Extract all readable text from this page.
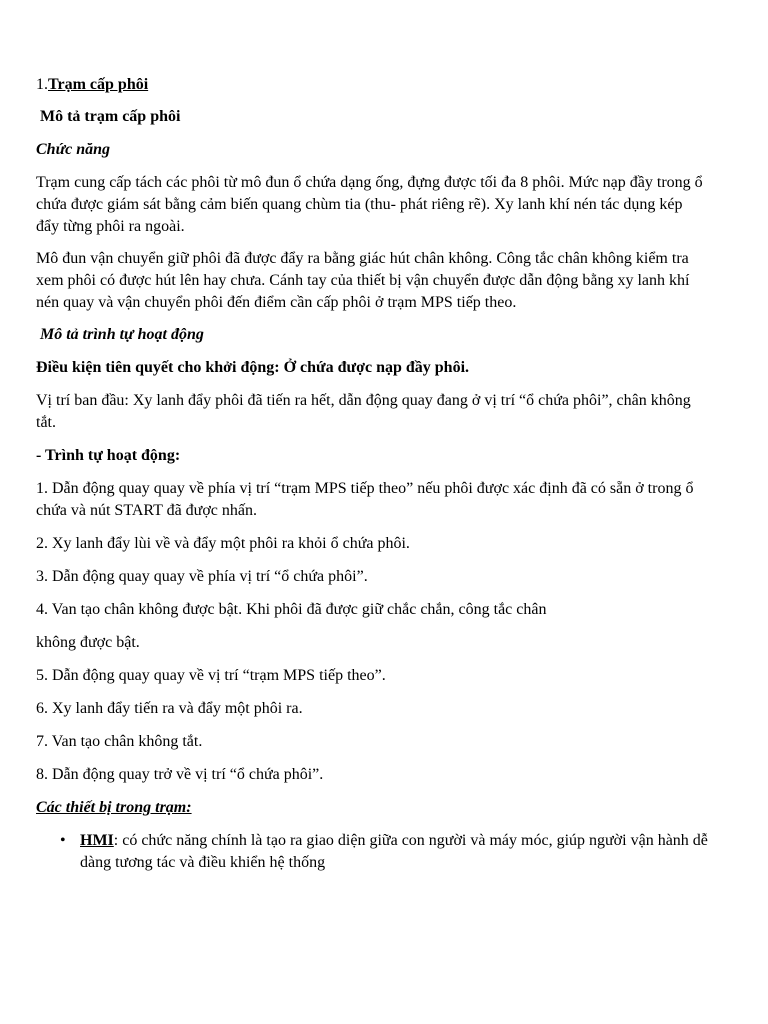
1.Trạm cấp phôi

Mô tả trạm cấp phôi

Chức năng

Trạm cung cấp tách các phôi từ mô đun ổ chứa dạng ống, đựng được tối đa 8 phôi. Mức nạp đầy trong ổ chứa được giám sát bằng cảm biến quang chùm tia (thu- phát riêng rẽ). Xy lanh khí nén tác dụng kép đẩy từng phôi ra ngoài.

Mô đun vận chuyển giữ phôi đã được đẩy ra bằng giác hút chân không. Công tắc chân không kiểm tra xem phôi có được hút lên hay chưa. Cánh tay của thiết bị vận chuyển được dẫn động bằng xy lanh khí nén quay và vận chuyển phôi đến điểm cần cấp phôi ở trạm MPS tiếp theo.

Mô tả trình tự hoạt động

Điều kiện tiên quyết cho khởi động: Ở chứa được nạp đầy phôi.

Vị trí ban đầu: Xy lanh đẩy phôi đã tiến ra hết, dẫn động quay đang ở vị trí “ổ chứa phôi”, chân không tắt.

- Trình tự hoạt động:

1. Dẫn động quay quay về phía vị trí “trạm MPS tiếp theo” nếu phôi được xác định đã có sẵn ở trong ổ chứa và nút START đã được nhấn.

2. Xy lanh đẩy lùi về và đẩy một phôi ra khỏi ổ chứa phôi.

3. Dẫn động quay quay về phía vị trí “ổ chứa phôi”.

4. Van tạo chân không được bật. Khi phôi đã được giữ chắc chắn, công tắc chân

không được bật.

5. Dẫn động quay quay về vị trí “trạm MPS tiếp theo”.

6. Xy lanh đẩy tiến ra và đẩy một phôi ra.

7. Van tạo chân không tắt.

8. Dẫn động quay trở về vị trí “ổ chứa phôi”.

Các thiết bị trong trạm:

• HMI: có chức năng chính là tạo ra giao diện giữa con người và máy móc, giúp người vận hành dễ dàng tương tác và điều khiển hệ thống
